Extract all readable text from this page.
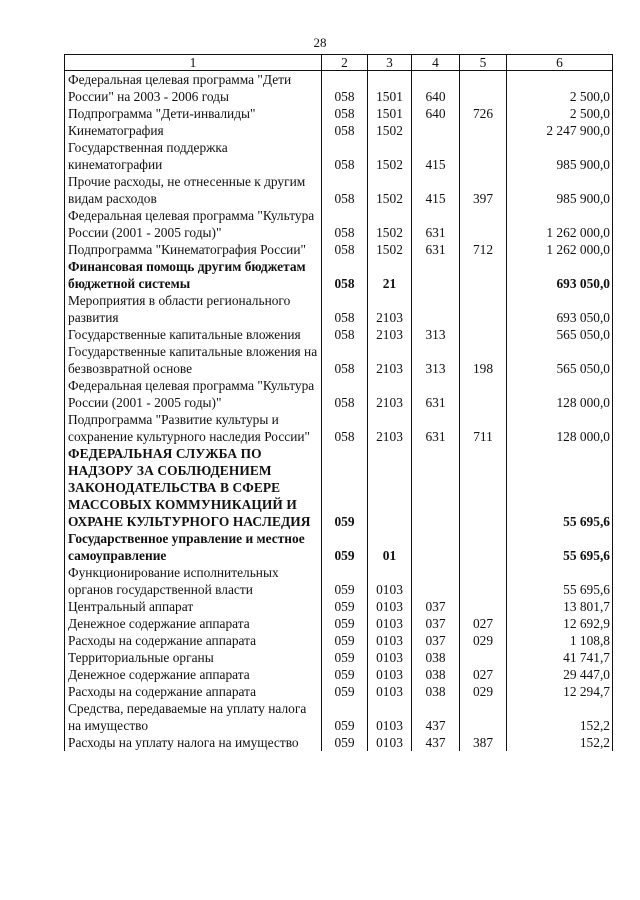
28
1	2	3	4	5	6
Федеральная целевая программа "Дети России" на 2003 - 2006 годы	058	1501	640		2 500,0
Подпрограмма "Дети-инвалиды"	058	1501	640	726	2 500,0
Кинематография	058	1502			2 247 900,0
Государственная поддержка кинематографии	058	1502	415		985 900,0
Прочие расходы, не отнесенные к другим видам расходов	058	1502	415	397	985 900,0
Федеральная целевая программа "Культура России (2001 - 2005 годы)"	058	1502	631		1 262 000,0
Подпрограмма "Кинематография России"	058	1502	631	712	1 262 000,0
Финансовая помощь другим бюджетам бюджетной системы	058	21			693 050,0
Мероприятия в области регионального развития	058	2103			693 050,0
Государственные капитальные вложения	058	2103	313		565 050,0
Государственные капитальные вложения на безвозвратной основе	058	2103	313	198	565 050,0
Федеральная целевая программа "Культура России (2001 - 2005 годы)"	058	2103	631		128 000,0
Подпрограмма "Развитие культуры и сохранение культурного наследия России"	058	2103	631	711	128 000,0
ФЕДЕРАЛЬНАЯ СЛУЖБА ПО НАДЗОРУ ЗА СОБЛЮДЕНИЕМ ЗАКОНОДАТЕЛЬСТВА В СФЕРЕ МАССОВЫХ КОММУНИКАЦИЙ И ОХРАНЕ КУЛЬТУРНОГО НАСЛЕДИЯ	059				55 695,6
Государственное управление и местное самоуправление	059	01			55 695,6
Функционирование исполнительных органов государственной власти	059	0103			55 695,6
Центральный аппарат	059	0103	037		13 801,7
Денежное содержание аппарата	059	0103	037	027	12 692,9
Расходы на содержание аппарата	059	0103	037	029	1 108,8
Территориальные органы	059	0103	038		41 741,7
Денежное содержание аппарата	059	0103	038	027	29 447,0
Расходы на содержание аппарата	059	0103	038	029	12 294,7
Средства, передаваемые на уплату налога на имущество	059	0103	437		152,2
Расходы на уплату налога на имущество	059	0103	437	387	152,2
